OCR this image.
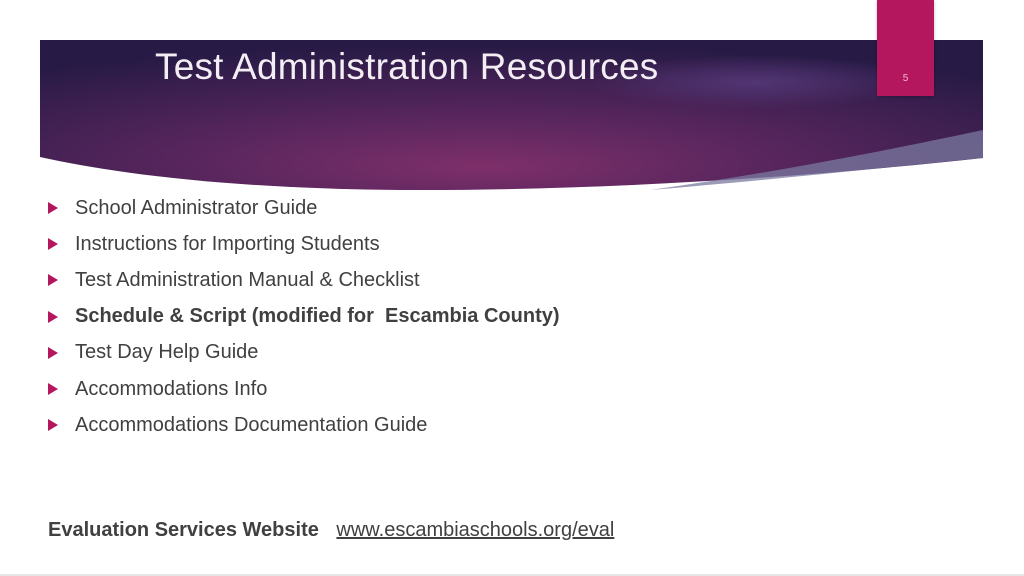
Test Administration Resources	5
School Administrator Guide
Instructions for Importing Students
Test Administration Manual & Checklist
Schedule & Script (modified for  Escambia County)
Test Day Help Guide
Accommodations Info
Accommodations Documentation Guide
Evaluation Services Website www.escambiaschools.org/eval
